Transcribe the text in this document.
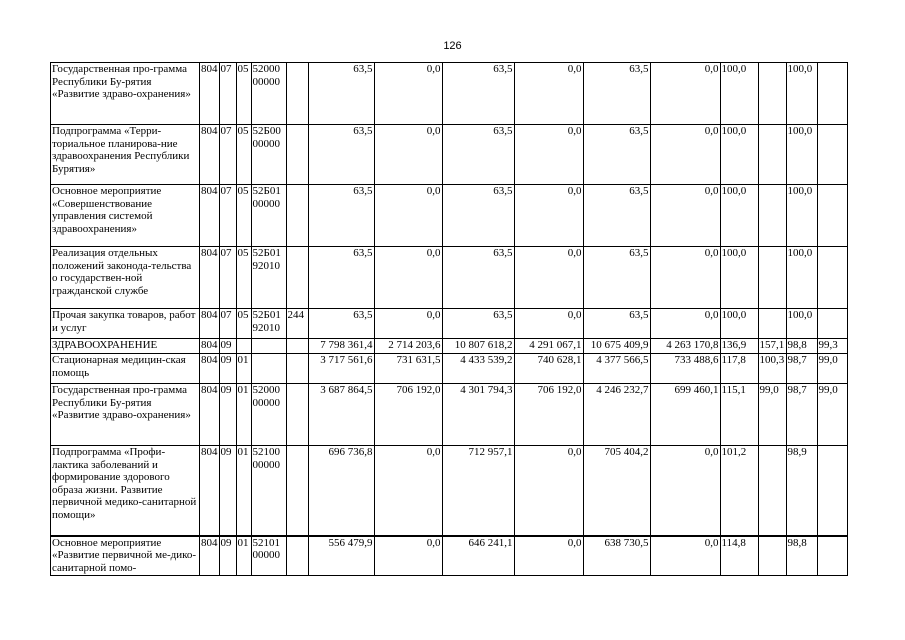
126
Государственная про-грамма Республики Бу-рятия «Развитие здраво-охранения»	804	07	05	52000 00000		63,5	0,0	63,5	0,0	63,5	0,0	100,0		100,0	
Подпрограмма «Терри-ториальное планирова-ние здравоохранения Республики Бурятия»	804	07	05	52Б00 00000		63,5	0,0	63,5	0,0	63,5	0,0	100,0		100,0	
Основное мероприятие «Совершенствование управления системой здравоохранения»	804	07	05	52Б01 00000		63,5	0,0	63,5	0,0	63,5	0,0	100,0		100,0	
Реализация отдельных положений законода-тельства о государствен-ной гражданской службе	804	07	05	52Б01 92010		63,5	0,0	63,5	0,0	63,5	0,0	100,0		100,0	
Прочая закупка товаров, работ и услуг	804	07	05	52Б01 92010	244	63,5	0,0	63,5	0,0	63,5	0,0	100,0		100,0	
ЗДРАВООХРАНЕНИЕ	804	09				7 798 361,4	2 714 203,6	10 807 618,2	4 291 067,1	10 675 409,9	4 263 170,8	136,9	157,1	98,8	99,3
Стационарная медицин-ская помощь	804	09	01			3 717 561,6	731 631,5	4 433 539,2	740 628,1	4 377 566,5	733 488,6	117,8	100,3	98,7	99,0
Государственная про-грамма Республики Бу-рятия «Развитие здраво-охранения»	804	09	01	52000 00000		3 687 864,5	706 192,0	4 301 794,3	706 192,0	4 246 232,7	699 460,1	115,1	99,0	98,7	99,0
Подпрограмма «Профи-лактика заболеваний и формирование здорового образа жизни. Развитие первичной медико-санитарной помощи»	804	09	01	52100 00000		696 736,8	0,0	712 957,1	0,0	705 404,2	0,0	101,2		98,9	
Основное мероприятие «Развитие первичной ме-дико-санитарной помо-	804	09	01	52101 00000		556 479,9	0,0	646 241,1	0,0	638 730,5	0,0	114,8		98,8	
